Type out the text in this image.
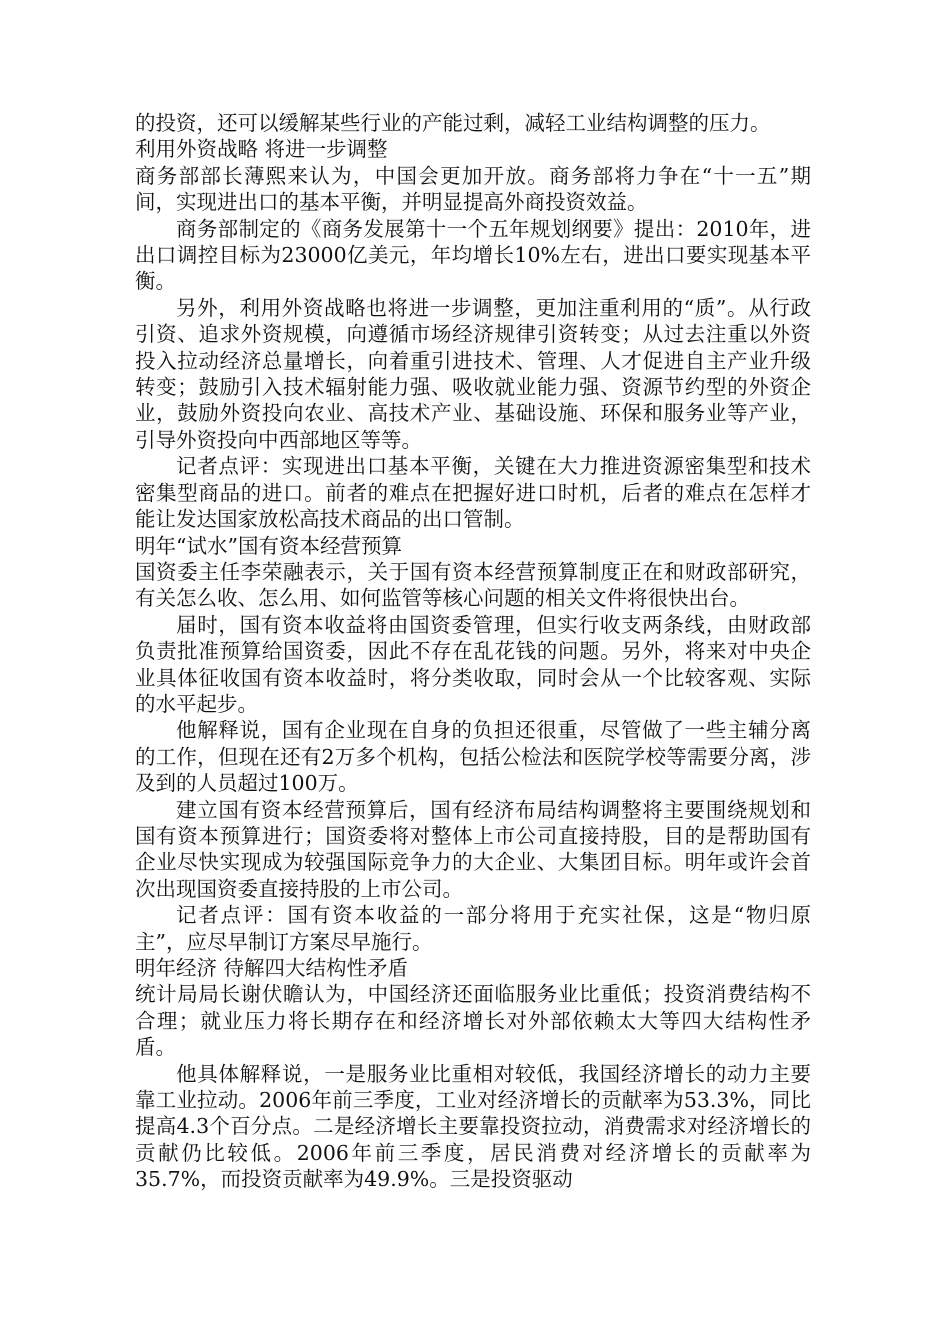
的投资，还可以缓解某些行业的产能过剩，减轻工业结构调整的压力。

利用外资战略 将进一步调整

商务部部长薄熙来认为，中国会更加开放。商务部将力争在“十一五”期间，实现进出口的基本平衡，并明显提高外商投资效益。

商务部制定的《商务发展第十一个五年规划纲要》提出：2010年，进出口调控目标为23000亿美元，年均增长10%左右，进出口要实现基本平衡。

另外，利用外资战略也将进一步调整，更加注重利用的“质”。从行政引资、追求外资规模，向遵循市场经济规律引资转变；从过去注重以外资投入拉动经济总量增长，向着重引进技术、管理、人才促进自主产业升级转变；鼓励引入技术辐射能力强、吸收就业能力强、资源节约型的外资企业，鼓励外资投向农业、高技术产业、基础设施、环保和服务业等产业，引导外资投向中西部地区等等。

记者点评：实现进出口基本平衡，关键在大力推进资源密集型和技术密集型商品的进口。前者的难点在把握好进口时机，后者的难点在怎样才能让发达国家放松高技术商品的出口管制。

明年“试水”国有资本经营预算

国资委主任李荣融表示，关于国有资本经营预算制度正在和财政部研究，有关怎么收、怎么用、如何监管等核心问题的相关文件将很快出台。

届时，国有资本收益将由国资委管理，但实行收支两条线，由财政部负责批准预算给国资委，因此不存在乱花钱的问题。另外，将来对中央企业具体征收国有资本收益时，将分类收取，同时会从一个比较客观、实际的水平起步。

他解释说，国有企业现在自身的负担还很重，尽管做了一些主辅分离的工作，但现在还有2万多个机构，包括公检法和医院学校等需要分离，涉及到的人员超过100万。

建立国有资本经营预算后，国有经济布局结构调整将主要围绕规划和国有资本预算进行；国资委将对整体上市公司直接持股，目的是帮助国有企业尽快实现成为较强国际竞争力的大企业、大集团目标。明年或许会首次出现国资委直接持股的上市公司。

记者点评：国有资本收益的一部分将用于充实社保，这是“物归原主”，应尽早制订方案尽早施行。

明年经济 待解四大结构性矛盾

统计局局长谢伏瞻认为，中国经济还面临服务业比重低；投资消费结构不合理；就业压力将长期存在和经济增长对外部依赖太大等四大结构性矛盾。

他具体解释说，一是服务业比重相对较低，我国经济增长的动力主要靠工业拉动。2006年前三季度，工业对经济增长的贡献率为53.3%，同比提高4.3个百分点。二是经济增长主要靠投资拉动，消费需求对经济增长的贡献仍比较低。2006年前三季度，居民消费对经济增长的贡献率为35.7%，而投资贡献率为49.9%。三是投资驱动
